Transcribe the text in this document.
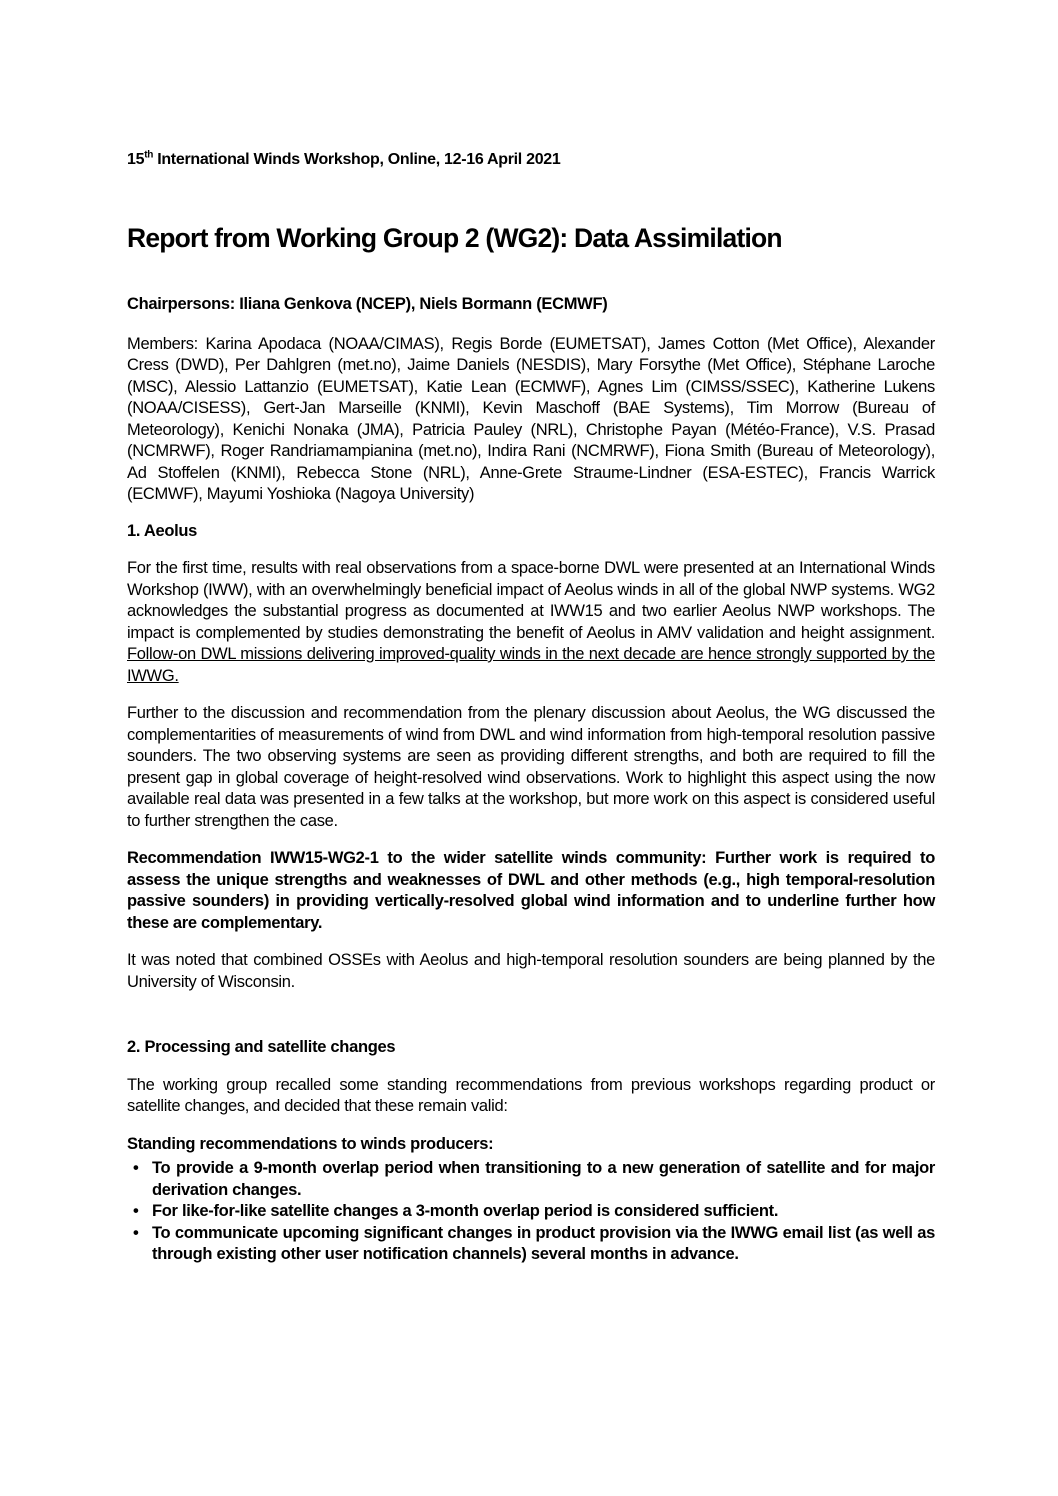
15th International Winds Workshop, Online, 12-16 April 2021

Report from Working Group 2 (WG2): Data Assimilation

Chairpersons: Iliana Genkova (NCEP), Niels Bormann (ECMWF)

Members: Karina Apodaca (NOAA/CIMAS), Regis Borde (EUMETSAT), James Cotton (Met Office), Alexander Cress (DWD), Per Dahlgren (met.no), Jaime Daniels (NESDIS), Mary Forsythe (Met Office), Stéphane Laroche (MSC), Alessio Lattanzio (EUMETSAT), Katie Lean (ECMWF), Agnes Lim (CIMSS/SSEC), Katherine Lukens (NOAA/CISESS), Gert-Jan Marseille (KNMI), Kevin Maschoff (BAE Systems), Tim Morrow (Bureau of Meteorology), Kenichi Nonaka (JMA), Patricia Pauley (NRL), Christophe Payan (Météo-France), V.S. Prasad (NCMRWF), Roger Randriamampianina (met.no), Indira Rani (NCMRWF), Fiona Smith (Bureau of Meteorology), Ad Stoffelen (KNMI), Rebecca Stone (NRL), Anne-Grete Straume-Lindner (ESA-ESTEC), Francis Warrick (ECMWF), Mayumi Yoshioka (Nagoya University)

1. Aeolus

For the first time, results with real observations from a space-borne DWL were presented at an International Winds Workshop (IWW), with an overwhelmingly beneficial impact of Aeolus winds in all of the global NWP systems. WG2 acknowledges the substantial progress as documented at IWW15 and two earlier Aeolus NWP workshops. The impact is complemented by studies demonstrating the benefit of Aeolus in AMV validation and height assignment. Follow-on DWL missions delivering improved-quality winds in the next decade are hence strongly supported by the IWWG.

Further to the discussion and recommendation from the plenary discussion about Aeolus, the WG discussed the complementarities of measurements of wind from DWL and wind information from high-temporal resolution passive sounders. The two observing systems are seen as providing different strengths, and both are required to fill the present gap in global coverage of height-resolved wind observations. Work to highlight this aspect using the now available real data was presented in a few talks at the workshop, but more work on this aspect is considered useful to further strengthen the case.

Recommendation IWW15-WG2-1 to the wider satellite winds community: Further work is required to assess the unique strengths and weaknesses of DWL and other methods (e.g., high temporal-resolution passive sounders) in providing vertically-resolved global wind information and to underline further how these are complementary.

It was noted that combined OSSEs with Aeolus and high-temporal resolution sounders are being planned by the University of Wisconsin.

2. Processing and satellite changes

The working group recalled some standing recommendations from previous workshops regarding product or satellite changes, and decided that these remain valid:

Standing recommendations to winds producers:

• To provide a 9-month overlap period when transitioning to a new generation of satellite and for major derivation changes.
• For like-for-like satellite changes a 3-month overlap period is considered sufficient.
• To communicate upcoming significant changes in product provision via the IWWG email list (as well as through existing other user notification channels) several months in advance.
